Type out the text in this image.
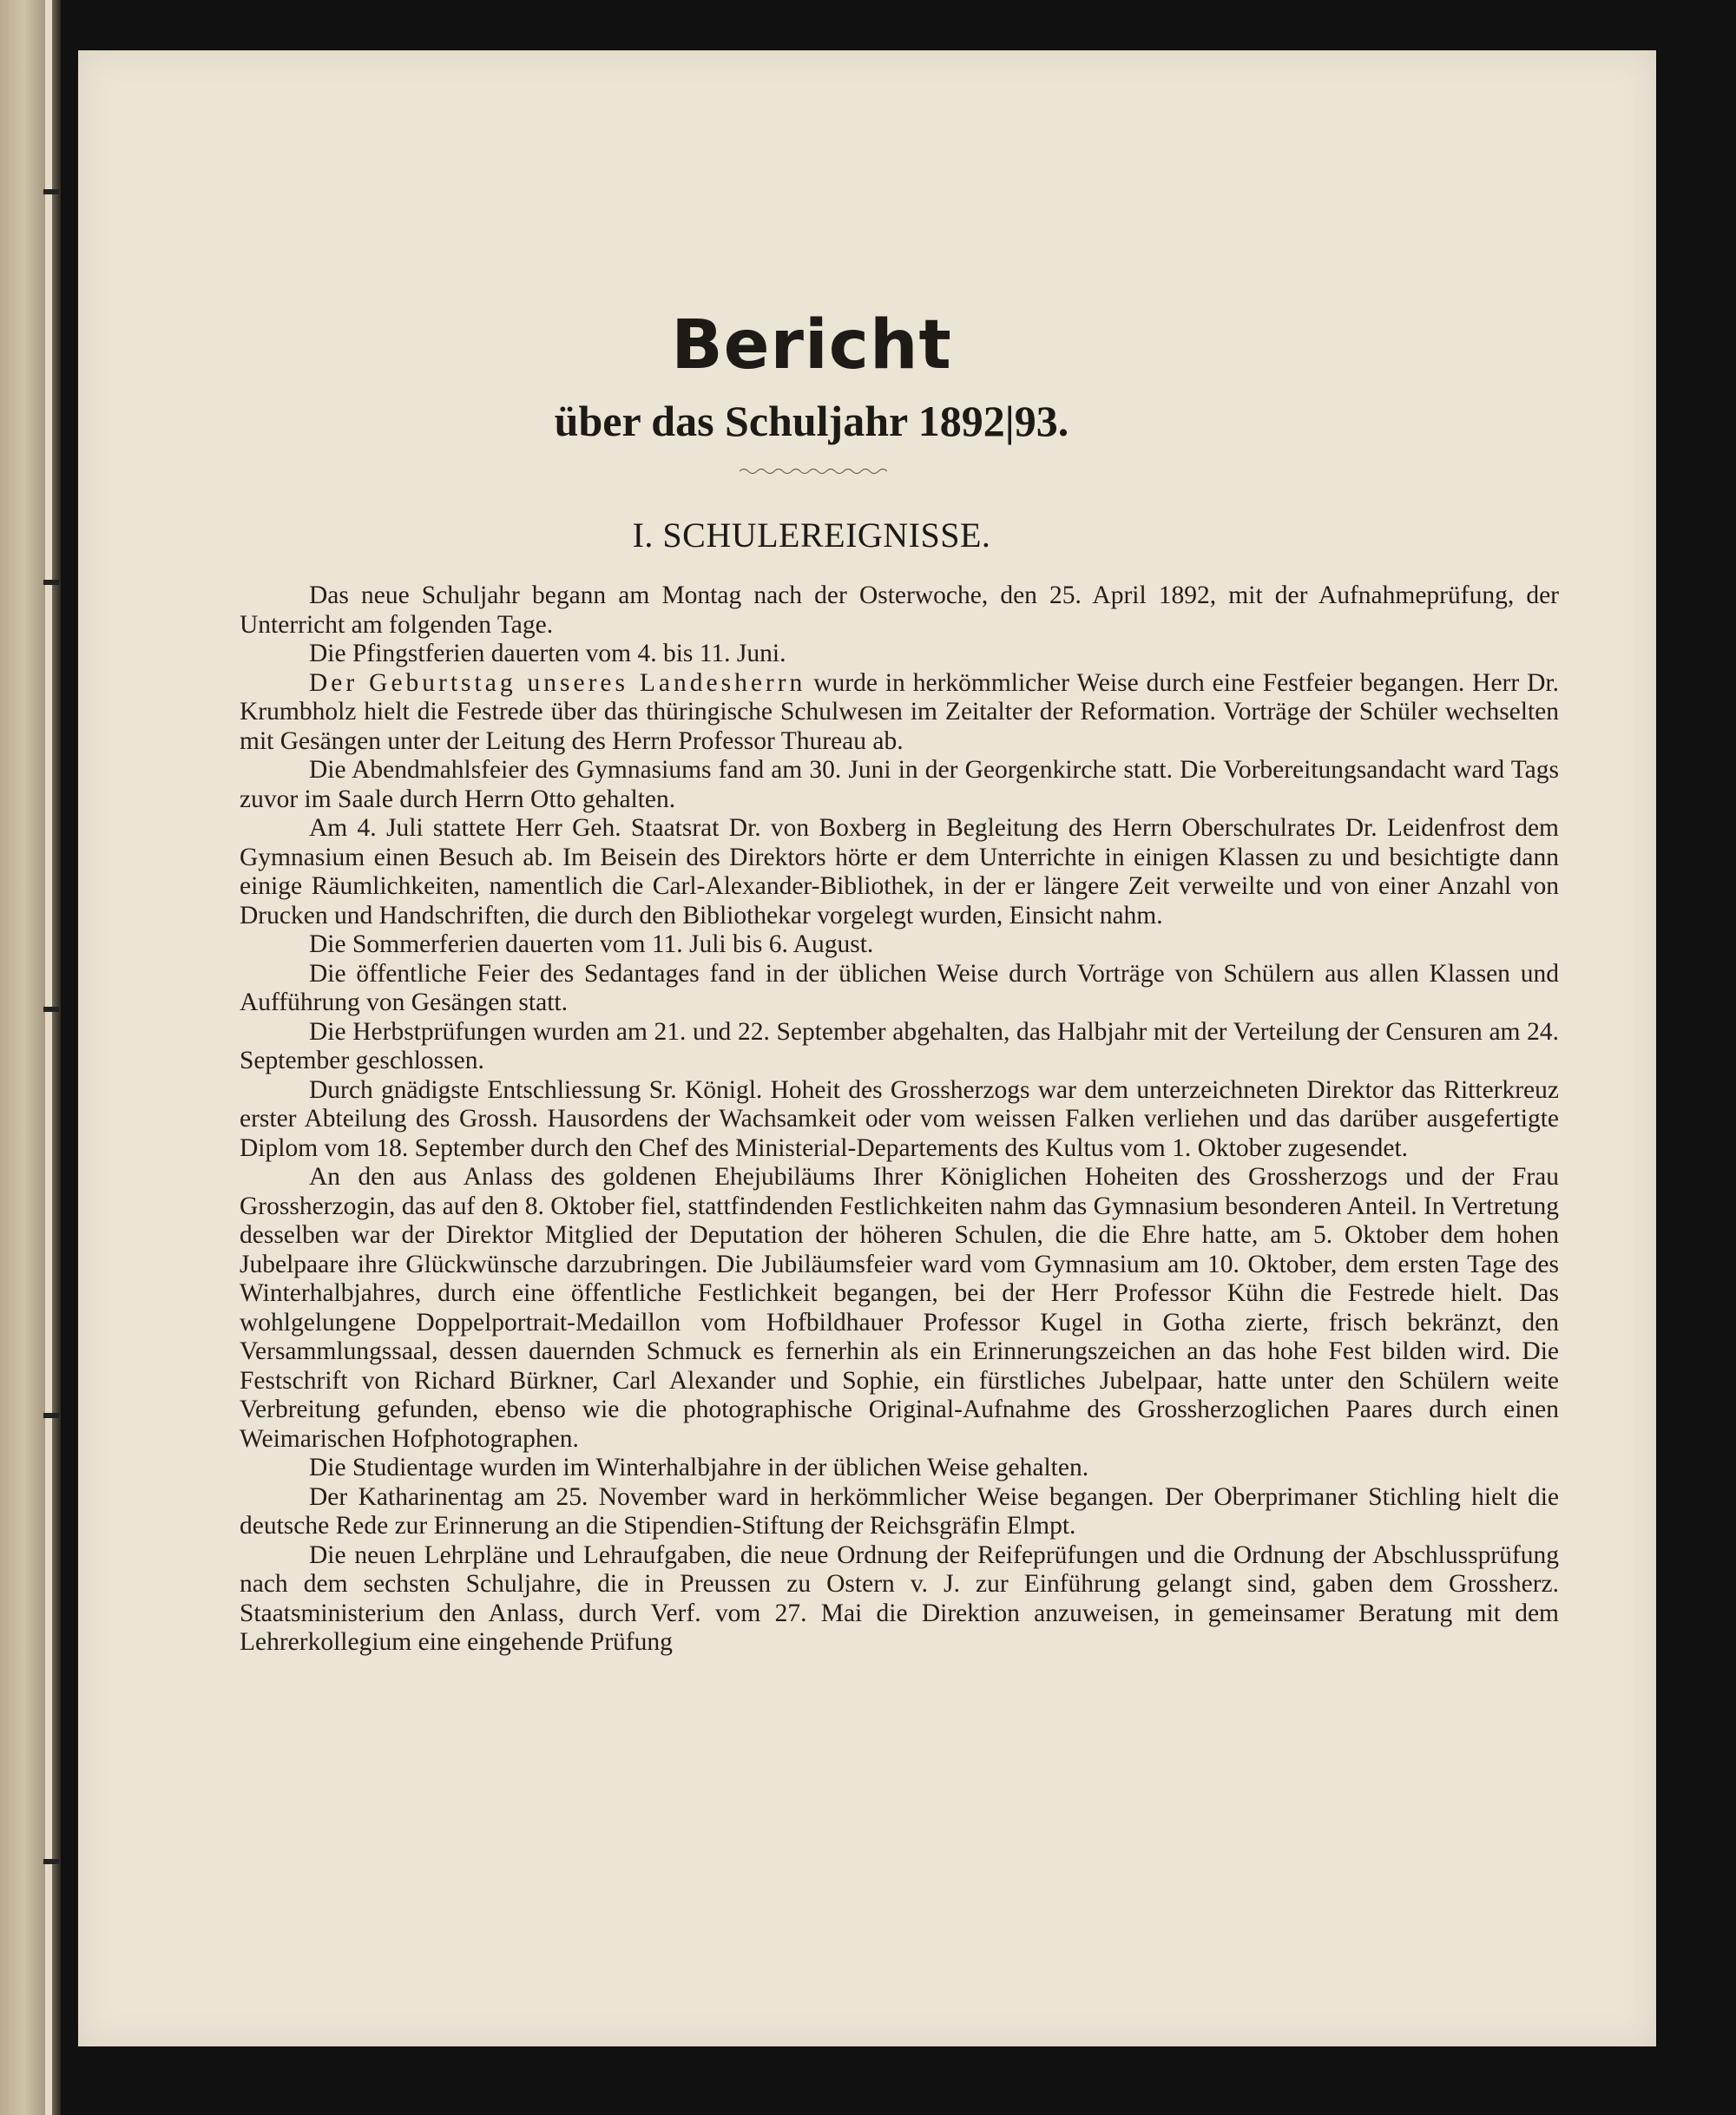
Bericht
über das Schuljahr 1892|93.
I. SCHULEREIGNISSE.

Das neue Schuljahr begann am Montag nach der Osterwoche, den 25. April 1892, mit der Aufnahmeprüfung, der Unterricht am folgenden Tage.

Die Pfingstferien dauerten vom 4. bis 11. Juni.

Der Geburtstag unseres Landesherrn wurde in herkömmlicher Weise durch eine Festfeier begangen. Herr Dr. Krumbholz hielt die Festrede über das thüringische Schulwesen im Zeitalter der Reformation. Vorträge der Schüler wechselten mit Gesängen unter der Leitung des Herrn Professor Thureau ab.

Die Abendmahlsfeier des Gymnasiums fand am 30. Juni in der Georgenkirche statt. Die Vorbereitungsandacht ward Tags zuvor im Saale durch Herrn Otto gehalten.

Am 4. Juli stattete Herr Geh. Staatsrat Dr. von Boxberg in Begleitung des Herrn Oberschulrates Dr. Leidenfrost dem Gymnasium einen Besuch ab. Im Beisein des Direktors hörte er dem Unterrichte in einigen Klassen zu und besichtigte dann einige Räumlichkeiten, namentlich die Carl-Alexander-Bibliothek, in der er längere Zeit verweilte und von einer Anzahl von Drucken und Handschriften, die durch den Bibliothekar vorgelegt wurden, Einsicht nahm.

Die Sommerferien dauerten vom 11. Juli bis 6. August.

Die öffentliche Feier des Sedantages fand in der üblichen Weise durch Vorträge von Schülern aus allen Klassen und Aufführung von Gesängen statt.

Die Herbstprüfungen wurden am 21. und 22. September abgehalten, das Halbjahr mit der Verteilung der Censuren am 24. September geschlossen.

Durch gnädigste Entschliessung Sr. Königl. Hoheit des Grossherzogs war dem unterzeichneten Direktor das Ritterkreuz erster Abteilung des Grossh. Hausordens der Wachsamkeit oder vom weissen Falken verliehen und das darüber ausgefertigte Diplom vom 18. September durch den Chef des Ministerial-Departements des Kultus vom 1. Oktober zugesendet.

An den aus Anlass des goldenen Ehejubiläums Ihrer Königlichen Hoheiten des Grossherzogs und der Frau Grossherzogin, das auf den 8. Oktober fiel, stattfindenden Festlichkeiten nahm das Gymnasium besonderen Anteil. In Vertretung desselben war der Direktor Mitglied der Deputation der höheren Schulen, die die Ehre hatte, am 5. Oktober dem hohen Jubelpaare ihre Glückwünsche darzubringen. Die Jubiläumsfeier ward vom Gymnasium am 10. Oktober, dem ersten Tage des Winterhalbjahres, durch eine öffentliche Festlichkeit begangen, bei der Herr Professor Kühn die Festrede hielt. Das wohlgelungene Doppelportrait-Medaillon vom Hofbildhauer Professor Kugel in Gotha zierte, frisch bekränzt, den Versammlungssaal, dessen dauernden Schmuck es fernerhin als ein Erinnerungszeichen an das hohe Fest bilden wird. Die Festschrift von Richard Bürkner, Carl Alexander und Sophie, ein fürstliches Jubelpaar, hatte unter den Schülern weite Verbreitung gefunden, ebenso wie die photographische Original-Aufnahme des Grossherzoglichen Paares durch einen Weimarischen Hofphotographen.

Die Studientage wurden im Winterhalbjahre in der üblichen Weise gehalten.

Der Katharinentag am 25. November ward in herkömmlicher Weise begangen. Der Oberprimaner Stichling hielt die deutsche Rede zur Erinnerung an die Stipendien-Stiftung der Reichsgräfin Elmpt.

Die neuen Lehrpläne und Lehraufgaben, die neue Ordnung der Reifeprüfungen und die Ordnung der Abschlussprüfung nach dem sechsten Schuljahre, die in Preussen zu Ostern v. J. zur Einführung gelangt sind, gaben dem Grossherz. Staatsministerium den Anlass, durch Verf. vom 27. Mai die Direktion anzuweisen, in gemeinsamer Beratung mit dem Lehrerkollegium eine eingehende Prüfung
